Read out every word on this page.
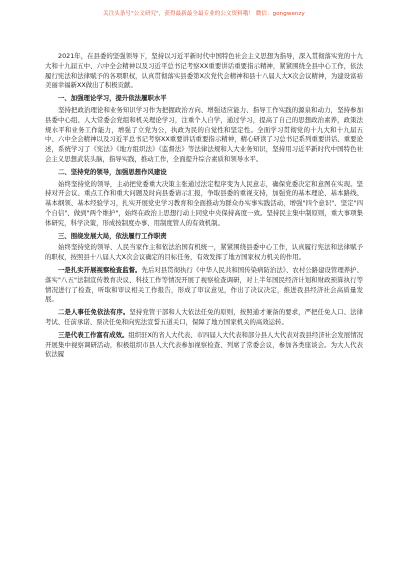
关注头条号"公文研究"，获得最新最全最专业的公文资料哦！ 微信：gongwenzy

2021年，在县委的坚强领导下，坚持以习近平新时代中国特色社会主义思想为指导，深入贯彻落实党的十九大和十九届五中、六中全会精神以及习近平总书记考察XX重要讲话重要指示精神，紧紧围绕全县中心工作，依法履行宪法和法律赋予的各项职权，认真贯彻落实县委第X次党代会精神和县十八届人大X次会议精神，为建设富裕美丽幸福新XX做出了积极贡献。

一、加强理论学习，提升依法履职水平

坚持把政治理论和业务知识学习作为把握政治方向、增强适应能力、指导工作实践的源泉和动力，坚持参加县委中心组、人大常委会党组和机关理论学习，注重个人自学，通过学习，提高了自己的思想政治素养，政策法规水平和业务工作能力，增强了立党为公，执政为民的自觉性和坚定性。全面学习贯彻党的十九大和十九届五中、六中全会精神以及习近平总书记考察XX重要讲话重要指示精神，精心研读了习总书记系列重要讲话、重要论述，系统学习了《宪法》《地方组织法》《监督法》等法律法规和人大业务知识，坚持用习近平新时代中国特色社会主义思想武装头脑，指导实践，推动工作，全面提升综合素质和领导水平。

二、坚持党的领导，加强思想作风建设

始终坚持党的领导，主动把党委重大决策主张通过法定程序变为人民意志，确保党委决定和意图在实现。坚持对开会议、重点工作和重大问题及时向县委请示汇报，争取县委的重视支持，加强党的基本理论、基本路线、基本纲领、基本经验学习，扎实开展党史学习教育和全面推动为群众办实事实践活动，增强"四个意识"、坚定"四个自信"、做到"两个维护"，始终在政治上思想行动上同党中央保持高度一致。坚持民主集中制原则，重大事项集体研究，科学决策，形成按制度办事、用制度管人的有效机制。

三、围绕发展大局，依法履行工作职责

始终坚持党的领导、人民当家作主和依法治国有机统一，紧紧围绕县委中心工作，认真履行宪法和法律赋予的职权，按照县十八届人大X次会议确定的目标任务，有效发挥了地方国家权力机关的作用。

一是扎实开展视察检查监督。先后对县贯彻执行《中华人民共和国传染病防治法》、农村公路建设管理养护、落实"八五"法制宣传教育决议、科技工作等情况开展了视察检查调研，对上半年国民经济计划和财政预算执行等情况进行了检查，听取和审议相关工作报告，形成了审议意见，作出了决议决定，推进我县经济社会高质量发展。

二是人事任免依法有序。坚持党管干部和人大依法任免的原则，按照通才兼备的要求，严把任免人口、法律考试、任前承诺、票决任免和向宪法宣誓五道关口，保障了地方国家机关的高效运转。

三是代表工作富有成效。组织驻X的省人大代表、市四届人大代表和部分县人大代表对我县经济社会发展情况开展集中视察调研活动，积极组织市县人大代表参加视察检查、列席了常委会议，参加各类座谈会。为大人代表依法履
